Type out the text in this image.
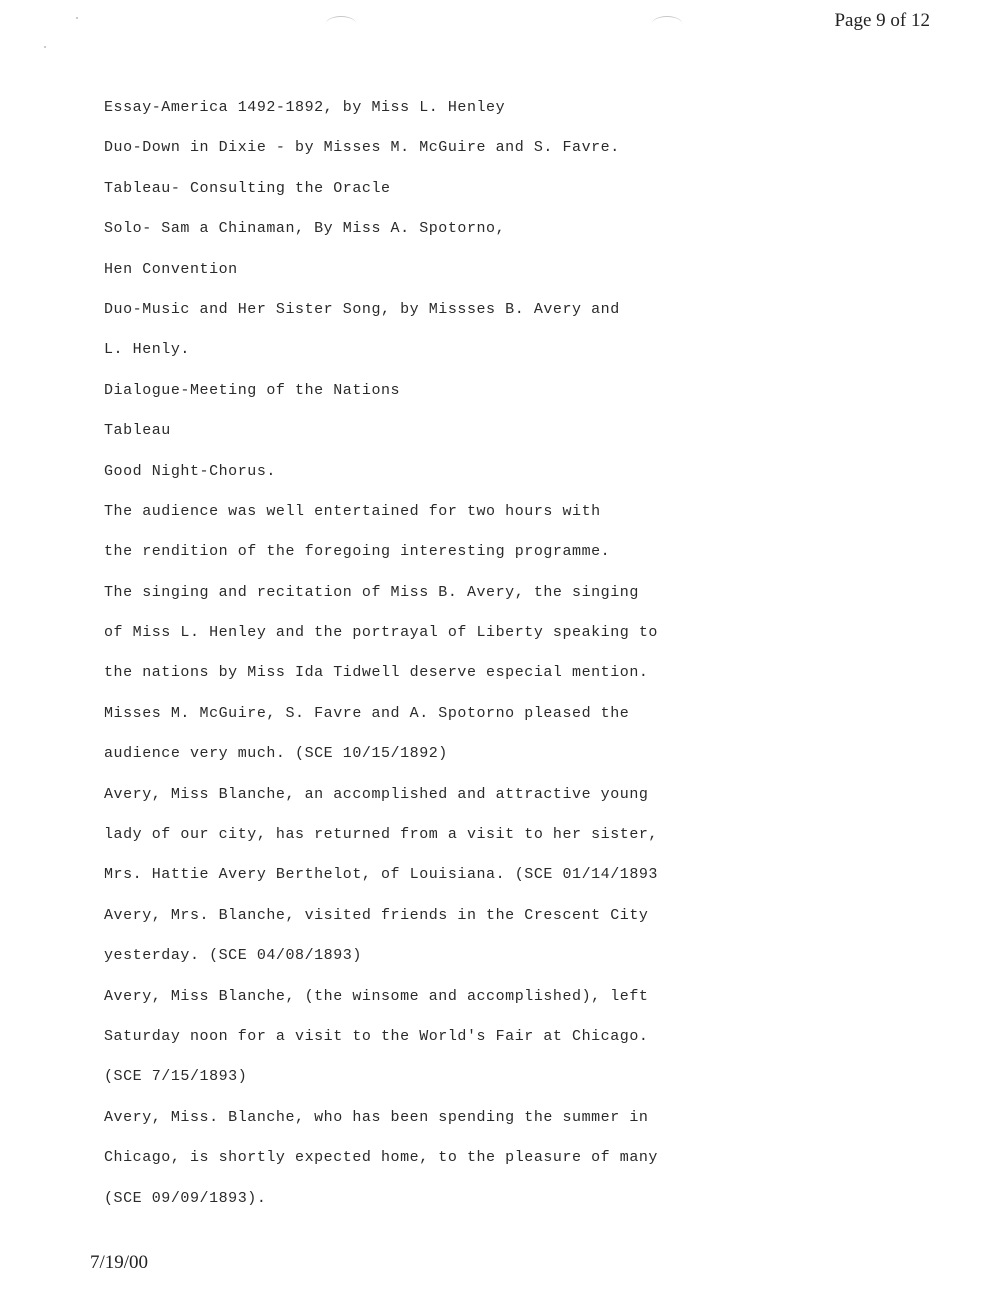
Page 9 of 12
Essay-America 1492-1892, by Miss L. Henley
Duo-Down in Dixie - by Misses M. McGuire and S. Favre.
Tableau- Consulting the Oracle
Solo- Sam a Chinaman, By Miss A. Spotorno,
Hen Convention
Duo-Music and Her Sister Song, by Missses B. Avery and
L. Henly.
Dialogue-Meeting of the Nations
Tableau
Good Night-Chorus.
The audience was well entertained for two hours with
the rendition of the foregoing interesting programme.
The singing and recitation of Miss B. Avery, the singing
of Miss L. Henley and the portrayal of Liberty speaking to
the nations by Miss Ida Tidwell deserve especial mention.
Misses M. McGuire, S. Favre and A. Spotorno pleased the
audience very much. (SCE 10/15/1892)
Avery, Miss Blanche, an accomplished and attractive young
lady of our city, has returned from a visit to her sister,
Mrs. Hattie Avery Berthelot, of Louisiana. (SCE 01/14/1893
Avery, Mrs. Blanche, visited friends in the Crescent City
yesterday. (SCE 04/08/1893)
Avery, Miss Blanche, (the winsome and accomplished), left
Saturday noon for a visit to the World's Fair at Chicago.
(SCE 7/15/1893)
Avery, Miss. Blanche, who has been spending the summer in
Chicago, is shortly expected home, to the pleasure of many
(SCE 09/09/1893).
7/19/00
